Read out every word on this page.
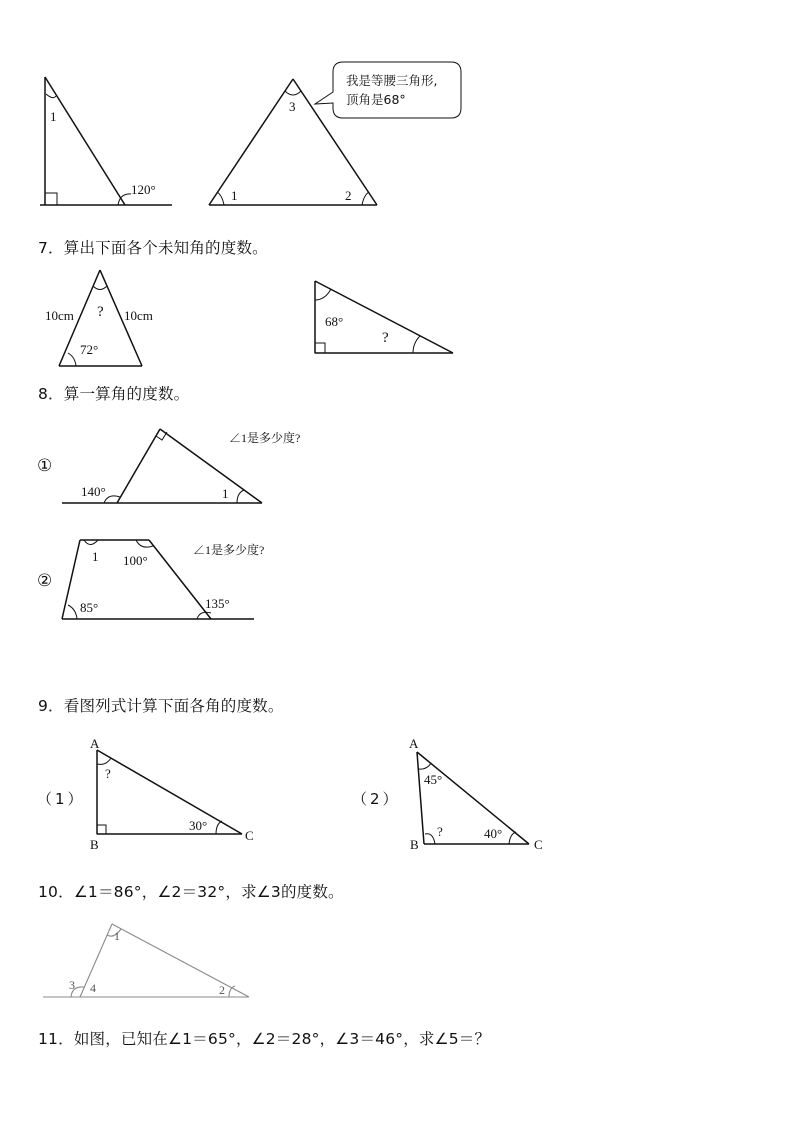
1
120°
3
1	2
我是等腰三角形,
顶角是68°
7．算出下面各个未知角的度数。
10cm	10cm
?
72°
68°
?
8．算一算角的度数。
①
∠1是多少度?
140°	1
②
∠1是多少度?
1 100°
85°	135°
9．看图列式计算下面各角的度数。
（1）	（2）
A
B
C
?
30°
A
B	C
45°
?	40°
10．∠1＝86°，∠2＝32°，求∠3的度数。
1
2
3 4
11．如图，已知在∠1＝65°，∠2＝28°，∠3＝46°，求∠5＝？
